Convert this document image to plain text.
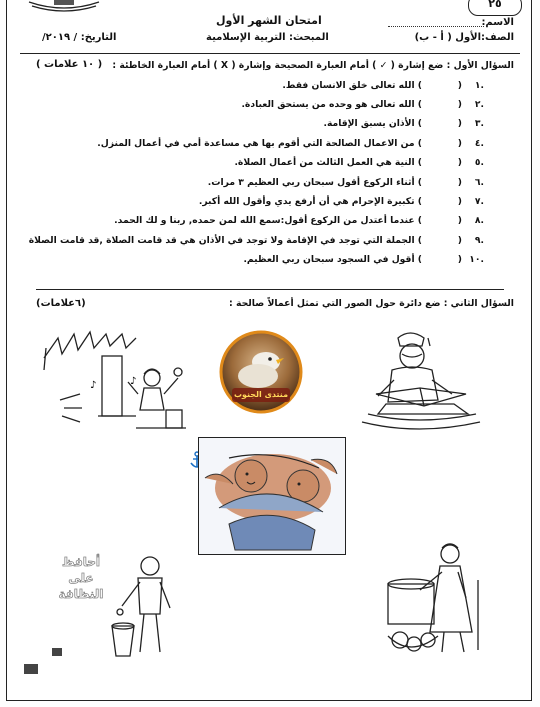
٢٥
الاسم:
امتحان الشهر الأول
الصف:الأول ( أ - ب)
المبحث: التربية الإسلامية
التاريخ: / ٢٠١٩/
السؤال الأول : ضع إشارة ( ✓ ) أمام العبارة الصحيحة وإشارة ( X ) أمام العبارة الخاطئة :
( ١٠ علامات )
.١
(
) الله تعالى خلق الانسان فقط.
.٢
(
) الله تعالى هو وحده من يستحق العبادة.
.٣
(
) الأذان يسبق الإقامة.
.٤
(
) من الاعمال الصالحة التي أقوم بها هي مساعدة أمي في أعمال المنزل.
.٥
(
) النية هي العمل الثالث من أعمال الصلاة.
.٦
(
) أثناء الركوع أقول سبحان ربي العظيم ٣ مرات.
.٧
(
) تكبيرة الإحرام هي أن أرفع يدي وأقول الله أكبر.
.٨
(
) عندما أعتدل من الركوع أقول:سمع الله لمن حمده, ربنا و لك الحمد.
.٩
(
) الجملة التي توجد في الإقامة ولا توجد في الأذان هي قد قامت الصلاة ,قد قامت الصلاة
.١٠
(
) أقول في السجود سبحان ربي العظيم.
السؤال الثاني : ضع دائرة حول الصور التي تمثل أعمالاً صالحة :
(٦علامات)
♪	♪
منتدى الجنوب
أحافظ على النظافة
